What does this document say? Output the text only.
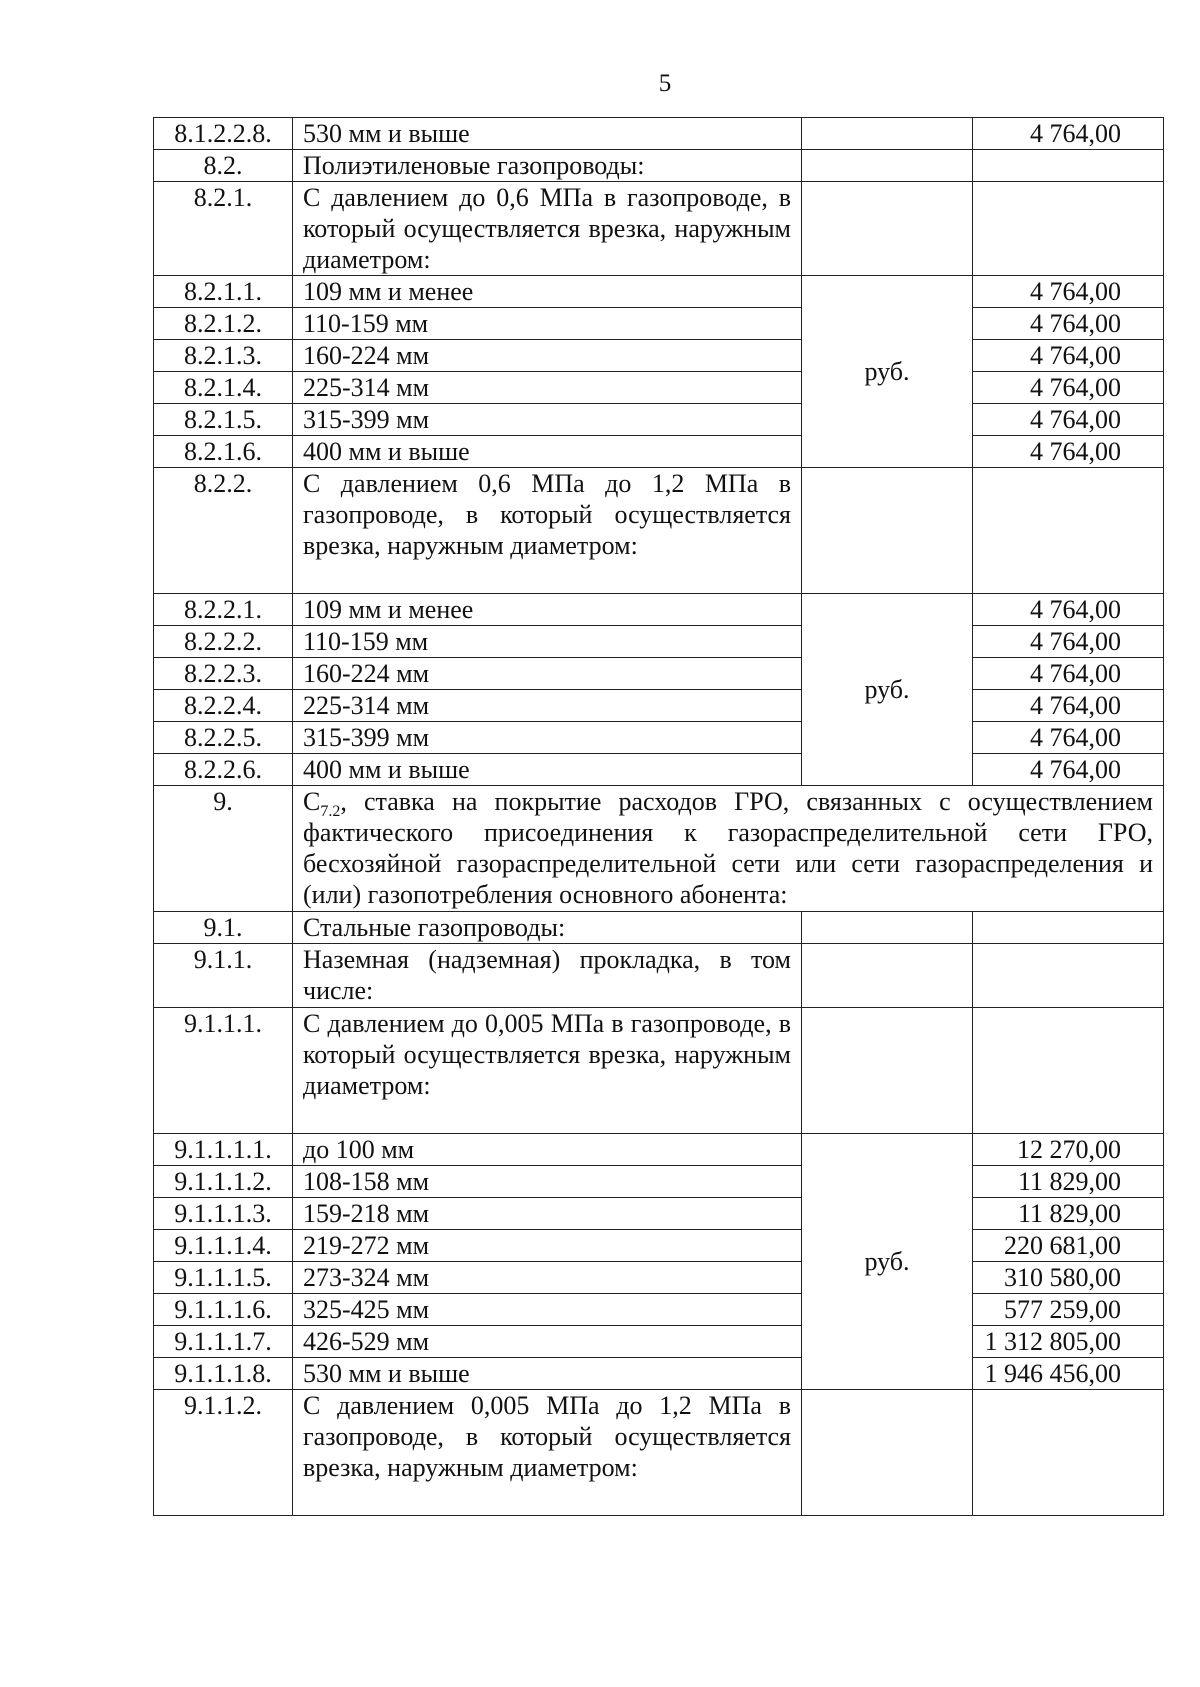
5
8.1.2.2.8.	530 мм и выше		4 764,00
8.2.	Полиэтиленовые газопроводы:		
8.2.1.	С давлением до 0,6 МПа в газопроводе, в который осуществляется врезка, наружным диаметром:		
8.2.1.1.	109 мм и менее	руб.	4 764,00
8.2.1.2.	110-159 мм		4 764,00
8.2.1.3.	160-224 мм		4 764,00
8.2.1.4.	225-314 мм		4 764,00
8.2.1.5.	315-399 мм		4 764,00
8.2.1.6.	400 мм и выше		4 764,00
8.2.2.	С давлением 0,6 МПа до 1,2 МПа в газопроводе, в который осуществляется врезка, наружным диаметром:		
8.2.2.1.	109 мм и менее	руб.	4 764,00
8.2.2.2.	110-159 мм		4 764,00
8.2.2.3.	160-224 мм		4 764,00
8.2.2.4.	225-314 мм		4 764,00
8.2.2.5.	315-399 мм		4 764,00
8.2.2.6.	400 мм и выше		4 764,00
9.	$С_{7.2}$, ставка на покрытие расходов ГРО, связанных с осуществлением фактического присоединения к газораспределительной сети ГРО, бесхозяйной газораспределительной сети или сети газораспределения и (или) газопотребления основного абонента:		
9.1.	Стальные газопроводы:		
9.1.1.	Наземная (надземная) прокладка, в том числе:		
9.1.1.1.	С давлением до 0,005 МПа в газопроводе, в который осуществляется врезка, наружным диаметром:		
9.1.1.1.1.	до 100 мм	руб.	12 270,00
9.1.1.1.2.	108-158 мм		11 829,00
9.1.1.1.3.	159-218 мм		11 829,00
9.1.1.1.4.	219-272 мм		220 681,00
9.1.1.1.5.	273-324 мм		310 580,00
9.1.1.1.6.	325-425 мм		577 259,00
9.1.1.1.7.	426-529 мм		1 312 805,00
9.1.1.1.8.	530 мм и выше		1 946 456,00
9.1.1.2.	С давлением 0,005 МПа до 1,2 МПа в газопроводе, в который осуществляется врезка, наружным диаметром:		
